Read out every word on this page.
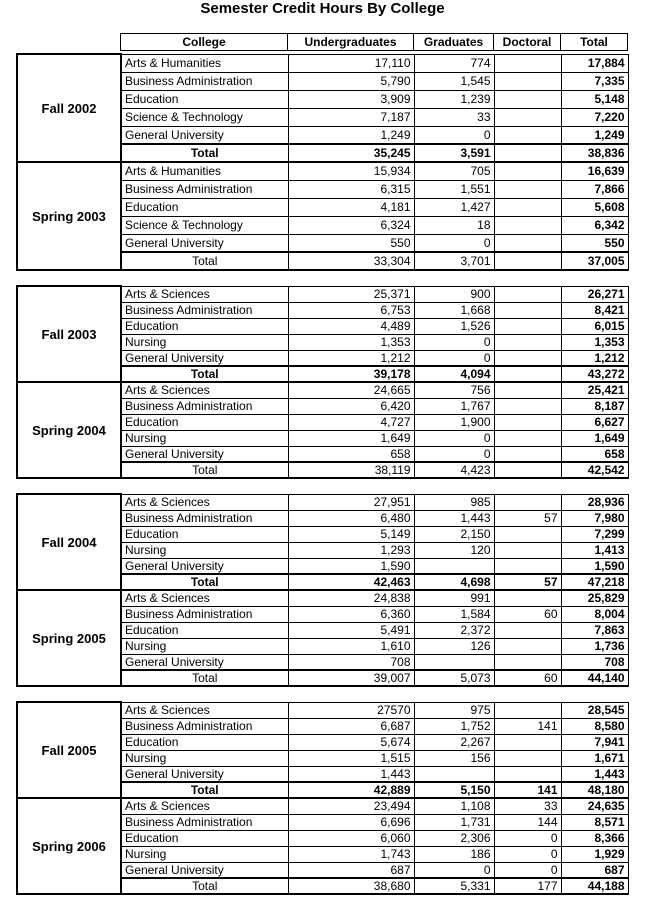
Semester Credit Hours By College
College	Undergraduates	Graduates	Doctoral	Total
Fall 2002	Arts & Humanities	17,110	774		17,884
	Business Administration	5,790	1,545		7,335
	Education	3,909	1,239		5,148
	Science & Technology	7,187	33		7,220
	General University	1,249	0		1,249
	Total	35,245	3,591		38,836
Spring 2003	Arts & Humanities	15,934	705		16,639
	Business Administration	6,315	1,551		7,866
	Education	4,181	1,427		5,608
	Science & Technology	6,324	18		6,342
	General University	550	0		550
	Total	33,304	3,701		37,005
Fall 2003	Arts & Sciences	25,371	900		26,271
	Business Administration	6,753	1,668		8,421
	Education	4,489	1,526		6,015
	Nursing	1,353	0		1,353
	General University	1,212	0		1,212
	Total	39,178	4,094		43,272
Spring 2004	Arts & Sciences	24,665	756		25,421
	Business Administration	6,420	1,767		8,187
	Education	4,727	1,900		6,627
	Nursing	1,649	0		1,649
	General University	658	0		658
	Total	38,119	4,423		42,542
Fall 2004	Arts & Sciences	27,951	985		28,936
	Business Administration	6,480	1,443	57	7,980
	Education	5,149	2,150		7,299
	Nursing	1,293	120		1,413
	General University	1,590			1,590
	Total	42,463	4,698	57	47,218
Spring 2005	Arts & Sciences	24,838	991		25,829
	Business Administration	6,360	1,584	60	8,004
	Education	5,491	2,372		7,863
	Nursing	1,610	126		1,736
	General University	708			708
	Total	39,007	5,073	60	44,140
Fall 2005	Arts & Sciences	27570	975		28,545
	Business Administration	6,687	1,752	141	8,580
	Education	5,674	2,267		7,941
	Nursing	1,515	156		1,671
	General University	1,443			1,443
	Total	42,889	5,150	141	48,180
Spring 2006	Arts & Sciences	23,494	1,108	33	24,635
	Business Administration	6,696	1,731	144	8,571
	Education	6,060	2,306	0	8,366
	Nursing	1,743	186	0	1,929
	General University	687	0	0	687
	Total	38,680	5,331	177	44,188
